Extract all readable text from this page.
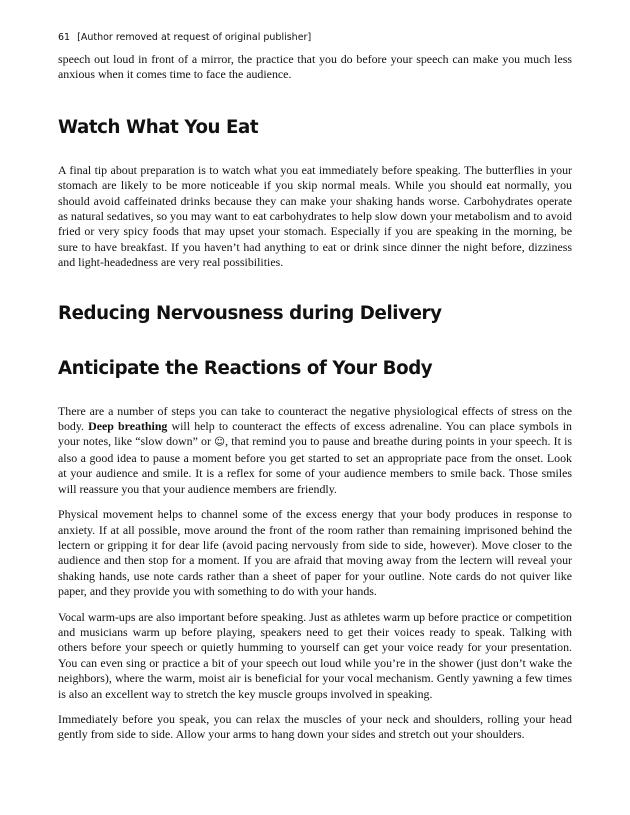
61 [Author removed at request of original publisher]

speech out loud in front of a mirror, the practice that you do before your speech can make you much less anxious when it comes time to face the audience.

Watch What You Eat

A final tip about preparation is to watch what you eat immediately before speaking. The butterflies in your stomach are likely to be more noticeable if you skip normal meals. While you should eat normally, you should avoid caffeinated drinks because they can make your shaking hands worse. Carbohydrates operate as natural sedatives, so you may want to eat carbohydrates to help slow down your metabolism and to avoid fried or very spicy foods that may upset your stomach. Especially if you are speaking in the morning, be sure to have breakfast. If you haven’t had anything to eat or drink since dinner the night before, dizziness and light-headedness are very real possibilities.

Reducing Nervousness during Delivery
Anticipate the Reactions of Your Body

There are a number of steps you can take to counteract the negative physiological effects of stress on the body. Deep breathing will help to counteract the effects of excess adrenaline. You can place symbols in your notes, like “slow down” or ☺, that remind you to pause and breathe during points in your speech. It is also a good idea to pause a moment before you get started to set an appropriate pace from the onset. Look at your audience and smile. It is a reflex for some of your audience members to smile back. Those smiles will reassure you that your audience members are friendly.

Physical movement helps to channel some of the excess energy that your body produces in response to anxiety. If at all possible, move around the front of the room rather than remaining imprisoned behind the lectern or gripping it for dear life (avoid pacing nervously from side to side, however). Move closer to the audience and then stop for a moment. If you are afraid that moving away from the lectern will reveal your shaking hands, use note cards rather than a sheet of paper for your outline. Note cards do not quiver like paper, and they provide you with something to do with your hands.

Vocal warm-ups are also important before speaking. Just as athletes warm up before practice or competition and musicians warm up before playing, speakers need to get their voices ready to speak. Talking with others before your speech or quietly humming to yourself can get your voice ready for your presentation. You can even sing or practice a bit of your speech out loud while you’re in the shower (just don’t wake the neighbors), where the warm, moist air is beneficial for your vocal mechanism. Gently yawning a few times is also an excellent way to stretch the key muscle groups involved in speaking.

Immediately before you speak, you can relax the muscles of your neck and shoulders, rolling your head gently from side to side. Allow your arms to hang down your sides and stretch out your shoulders.
